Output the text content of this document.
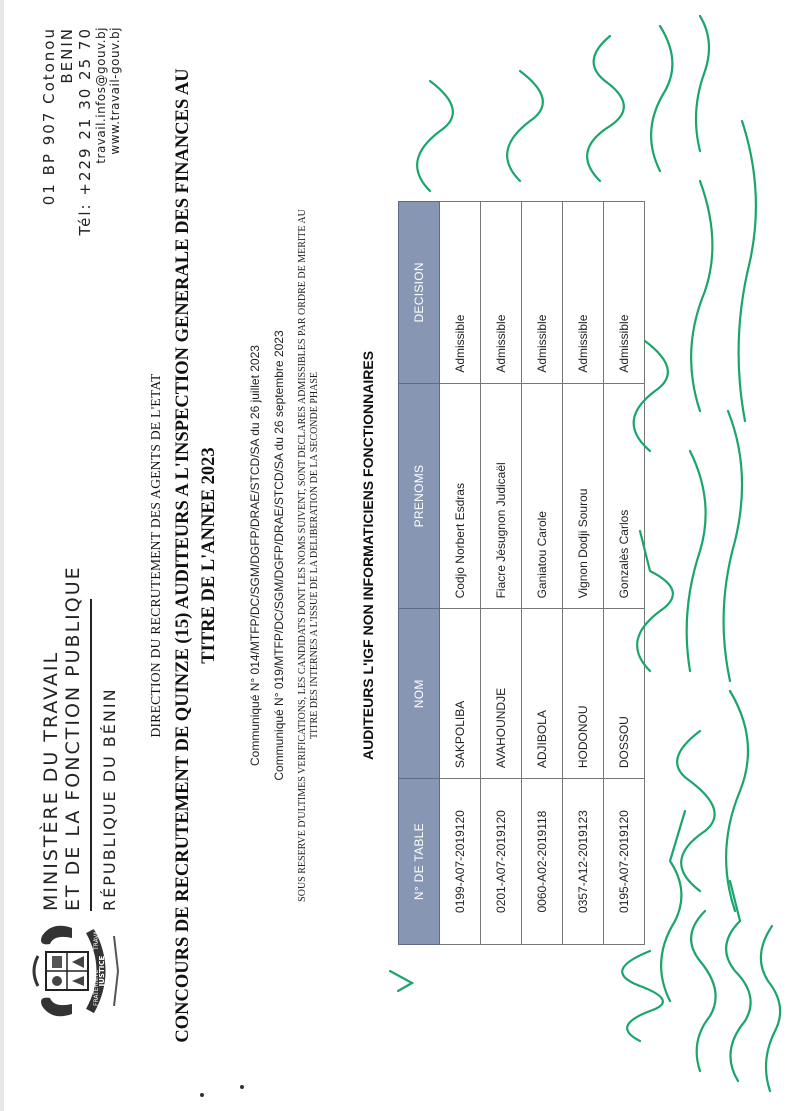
JUSTICE
FRATERNITÉ
TRAVAIL
MINISTÈRE DU TRAVAIL ET DE LA FONCTION PUBLIQUE RÉPUBLIQUE DU BÉNIN
01 BP 907 Cotonou BENIN Tél: +229 21 30 25 70 travail.infos@gouv.bj www.travail-gouv.bj
DIRECTION DU RECRUTEMENT DES AGENTS DE L'ETAT CONCOURS DE RECRUTEMENT DE QUINZE (15) AUDITEURS A L'INSPECTION GENERALE DES FINANCES AU TITRE DE L'ANNEE 2023 Communiqué N° 014/MTFP/DC/SGM/DGFP/DRAE/STCD/SA du 26 juillet 2023 Communiqué N° 019/MTFP/DC/SGM/DGFP/DRAE/STCD/SA du 26 septembre 2023 SOUS RESERVE D'ULTIMES VERIFICATIONS, LES CANDIDATS DONT LES NOMS SUIVENT, SONT DECLARES ADMISSIBLES PAR ORDRE DE MERITE AU TITRE DES INTERNES A L'ISSUE DE LA DELIBERATION DE LA SECONDE PHASE	AUDITEURS L'IGF NON INFORMATICIENS FONCTIONNAIRES
N° DE TABLE	NOM	PRENOMS	DECISION
0199-A07-2019120	SAKPOLIBA	Codjo Norbert Esdras	Admissible
0201-A07-2019120	AVAHOUNDJE	Fiacre Jésugnon Judicaël	Admissible
0060-A02-2019118	ADJIBOLA	Ganiatou Carole	Admissible
0357-A12-2019123	HODONOU	Vignon Dodji Sourou	Admissible
0195-A07-2019120	DOSSOU	Gonzalès Carlos	Admissible
